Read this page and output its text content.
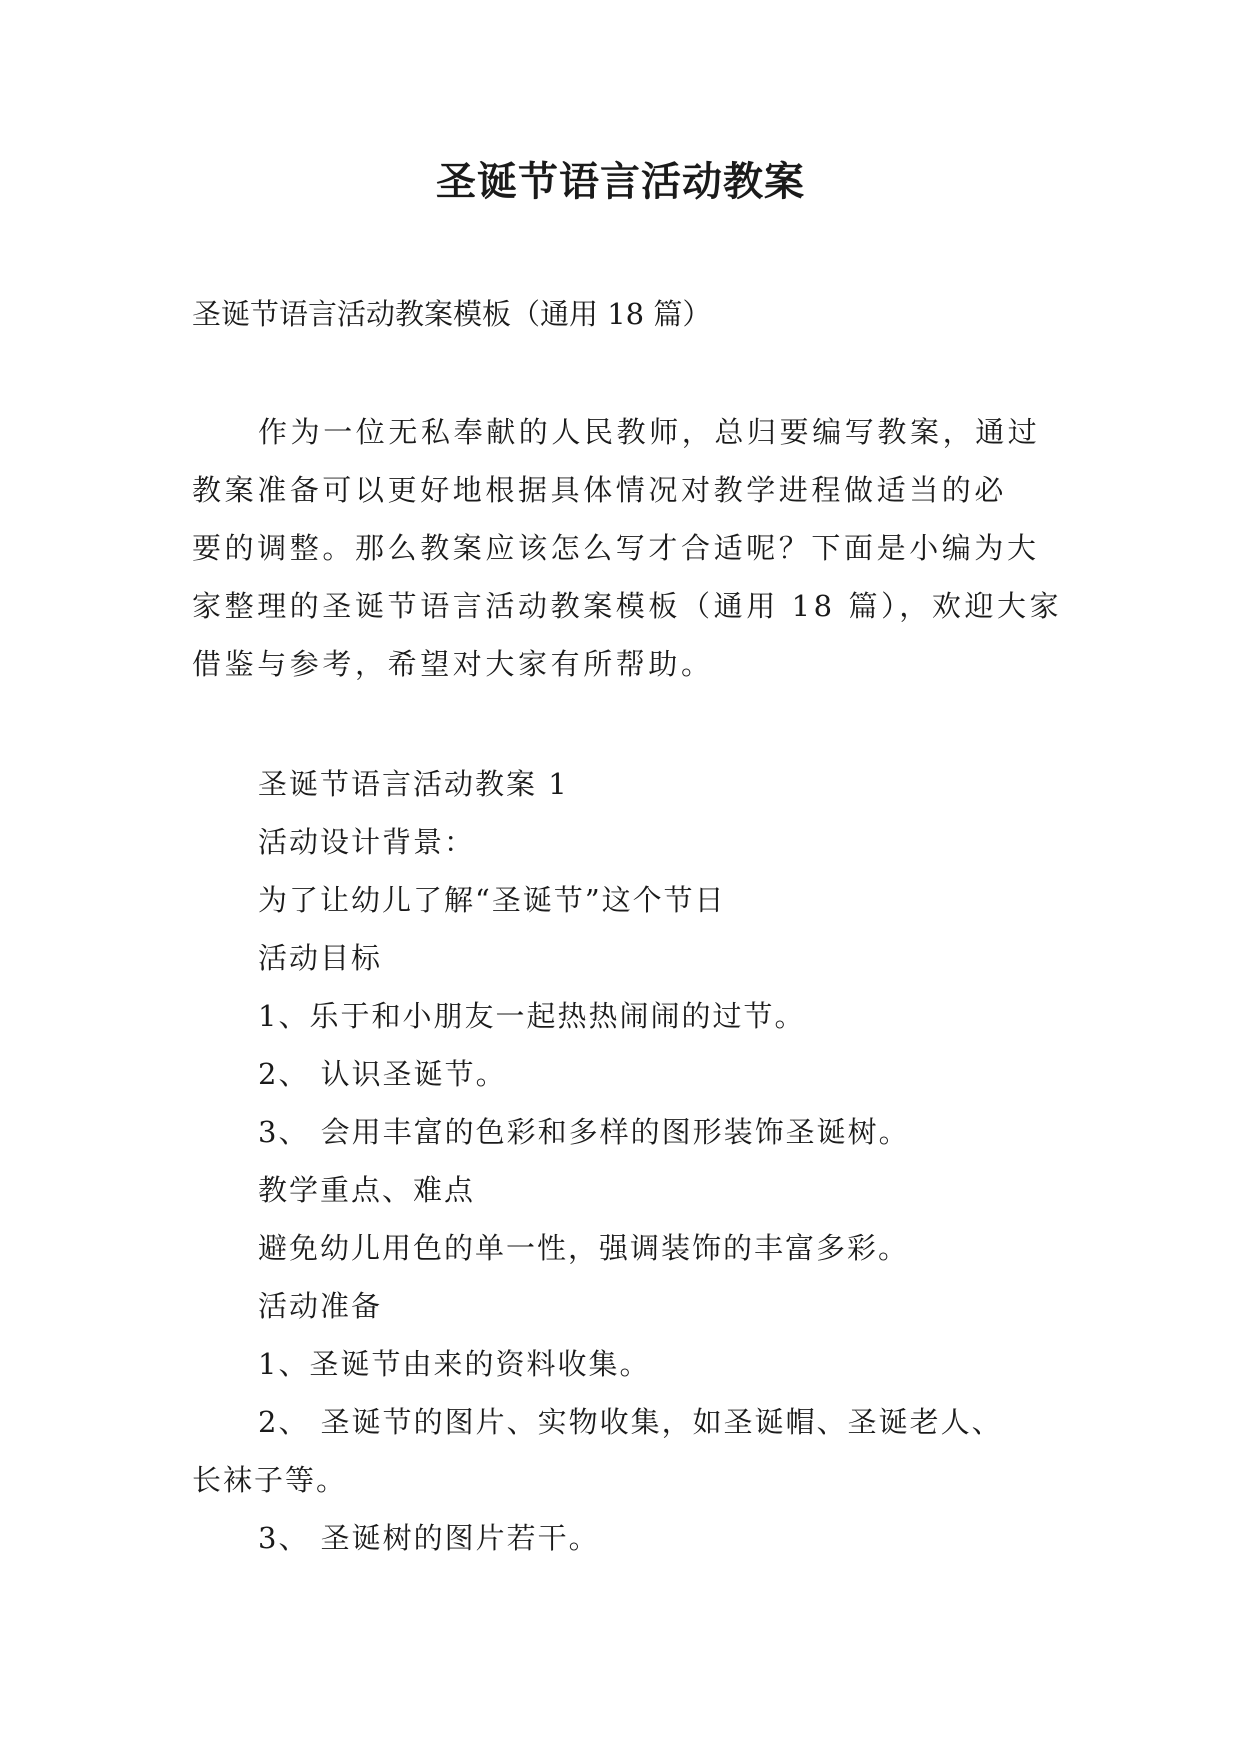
圣诞节语言活动教案

圣诞节语言活动教案模板（通用 18 篇）

作为一位无私奉献的人民教师，总归要编写教案，通过
教案准备可以更好地根据具体情况对教学进程做适当的必
要的调整。那么教案应该怎么写才合适呢？下面是小编为大
家整理的圣诞节语言活动教案模板（通用 18 篇），欢迎大家
借鉴与参考，希望对大家有所帮助。
圣诞节语言活动教案 1
活动设计背景：
为了让幼儿了解“圣诞节”这个节日
活动目标
1、乐于和小朋友一起热热闹闹的过节。
2、 认识圣诞节。
3、 会用丰富的色彩和多样的图形装饰圣诞树。
教学重点、难点
避免幼儿用色的单一性，强调装饰的丰富多彩。
活动准备
1、圣诞节由来的资料收集。
2、 圣诞节的图片、实物收集，如圣诞帽、圣诞老人、
长袜子等。
3、 圣诞树的图片若干。
